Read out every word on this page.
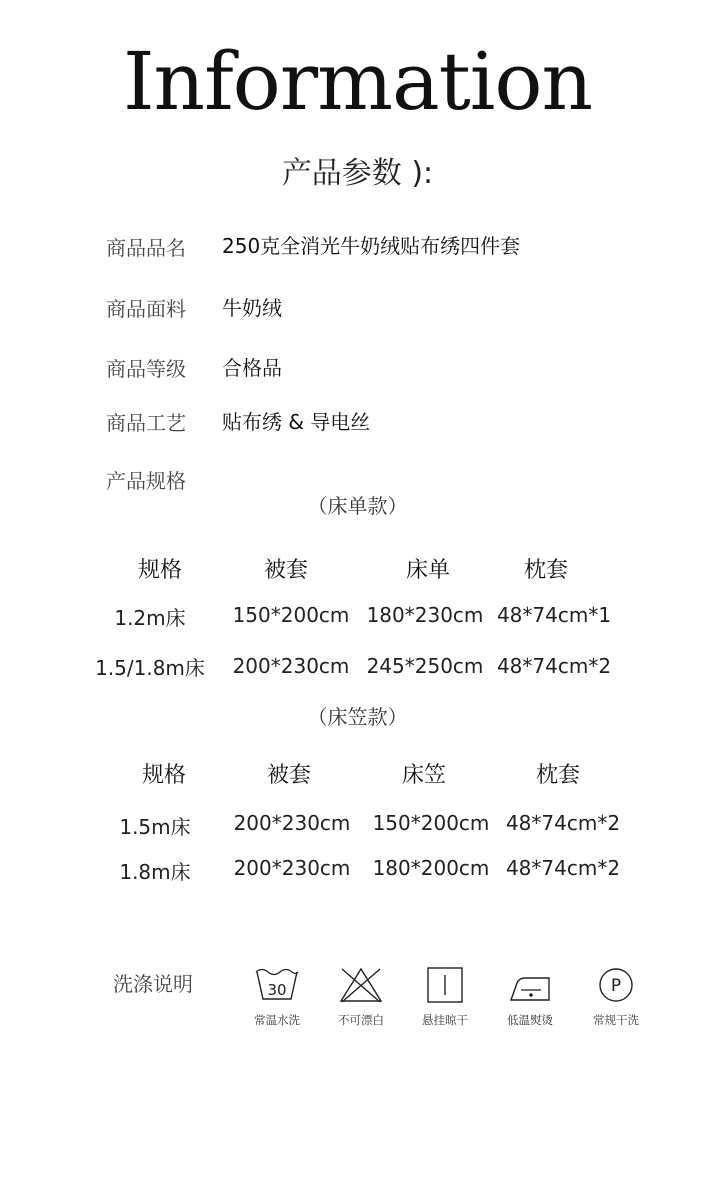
Information
产品参数 ):
商品品名 250克全消光牛奶绒贴布绣四件套
商品面料 牛奶绒
商品等级 合格品
商品工艺 贴布绣 & 导电丝
产品规格
（床单款）
规格	被套	床单	枕套
1.2m床 150*200cm 180*230cm 48*74cm*1
1.5/1.8m床 200*230cm 245*250cm 48*74cm*2
（床笠款）
规格	被套	床笠	枕套
1.5m床 200*230cm 150*200cm 48*74cm*2
1.8m床 200*230cm 180*200cm 48*74cm*2
洗涤说明	30
常温水洗	不可漂白	悬挂晾干	低温熨烫
P
常规干洗
